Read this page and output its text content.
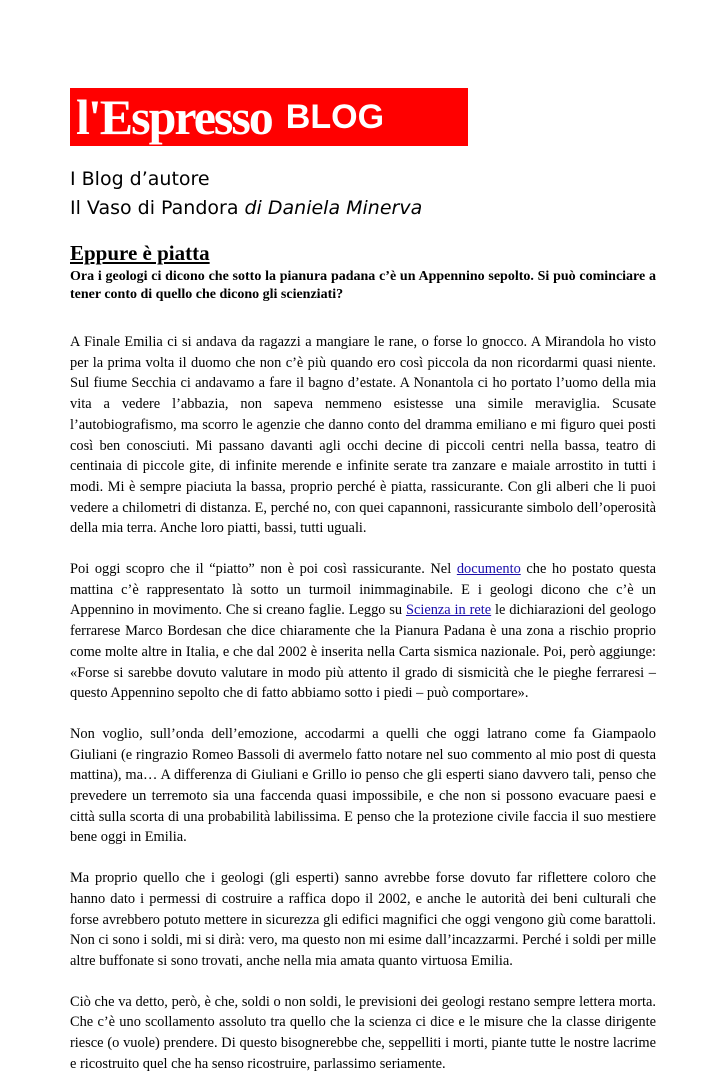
l'Espresso BLOG
I Blog d’autore
Il Vaso di Pandora di Daniela Minerva
Eppure è piatta

Ora i geologi ci dicono che sotto la pianura padana c’è un Appennino sepolto. Si può cominciare a tener conto di quello che dicono gli scienziati?

A Finale Emilia ci si andava da ragazzi a mangiare le rane, o forse lo gnocco. A Mirandola ho visto per la prima volta il duomo che non c’è più quando ero così piccola da non ricordarmi quasi niente. Sul fiume Secchia ci andavamo a fare il bagno d’estate. A Nonantola ci ho portato l’uomo della mia vita a vedere l’abbazia, non sapeva nemmeno esistesse una simile meraviglia. Scusate l’autobiografismo, ma scorro le agenzie che danno conto del dramma emiliano e mi figuro quei posti così ben conosciuti. Mi passano davanti agli occhi decine di piccoli centri nella bassa, teatro di centinaia di piccole gite, di infinite merende e infinite serate tra zanzare e maiale arrostito in tutti i modi. Mi è sempre piaciuta la bassa, proprio perché è piatta, rassicurante. Con gli alberi che li puoi vedere a chilometri di distanza. E, perché no, con quei capannoni, rassicurante simbolo dell’operosità della mia terra. Anche loro piatti, bassi, tutti uguali.

Poi oggi scopro che il “piatto” non è poi così rassicurante. Nel documento che ho postato questa mattina c’è rappresentato là sotto un turmoil inimmaginabile. E i geologi dicono che c’è un Appennino in movimento. Che si creano faglie. Leggo su Scienza in rete le dichiarazioni del geologo ferrarese Marco Bordesan che dice chiaramente che la Pianura Padana è una zona a rischio proprio come molte altre in Italia, e che dal 2002 è inserita nella Carta sismica nazionale. Poi, però aggiunge: «Forse si sarebbe dovuto valutare in modo più attento il grado di sismicità che le pieghe ferraresi – questo Appennino sepolto che di fatto abbiamo sotto i piedi – può comportare».

Non voglio, sull’onda dell’emozione, accodarmi a quelli che oggi latrano come fa Giampaolo Giuliani (e ringrazio Romeo Bassoli di avermelo fatto notare nel suo commento al mio post di questa mattina), ma… A differenza di Giuliani e Grillo io penso che gli esperti siano davvero tali, penso che prevedere un terremoto sia una faccenda quasi impossibile, e che non si possono evacuare paesi e città sulla scorta di una probabilità labilissima. E penso che la protezione civile faccia il suo mestiere bene oggi in Emilia.

Ma proprio quello che i geologi (gli esperti) sanno avrebbe forse dovuto far riflettere coloro che hanno dato i permessi di costruire a raffica dopo il 2002, e anche le autorità dei beni culturali che forse avrebbero potuto mettere in sicurezza gli edifici magnifici che oggi vengono giù come barattoli. Non ci sono i soldi, mi si dirà: vero, ma questo non mi esime dall’incazzarmi. Perché i soldi per mille altre buffonate si sono trovati, anche nella mia amata quanto virtuosa Emilia.

Ciò che va detto, però, è che, soldi o non soldi, le previsioni dei geologi restano sempre lettera morta. Che c’è uno scollamento assoluto tra quello che la scienza ci dice e le misure che la classe dirigente riesce (o vuole) prendere. Di questo bisognerebbe che, seppelliti i morti, piante tutte le nostre lacrime e ricostruito quel che ha senso ricostruire, parlassimo seriamente.
